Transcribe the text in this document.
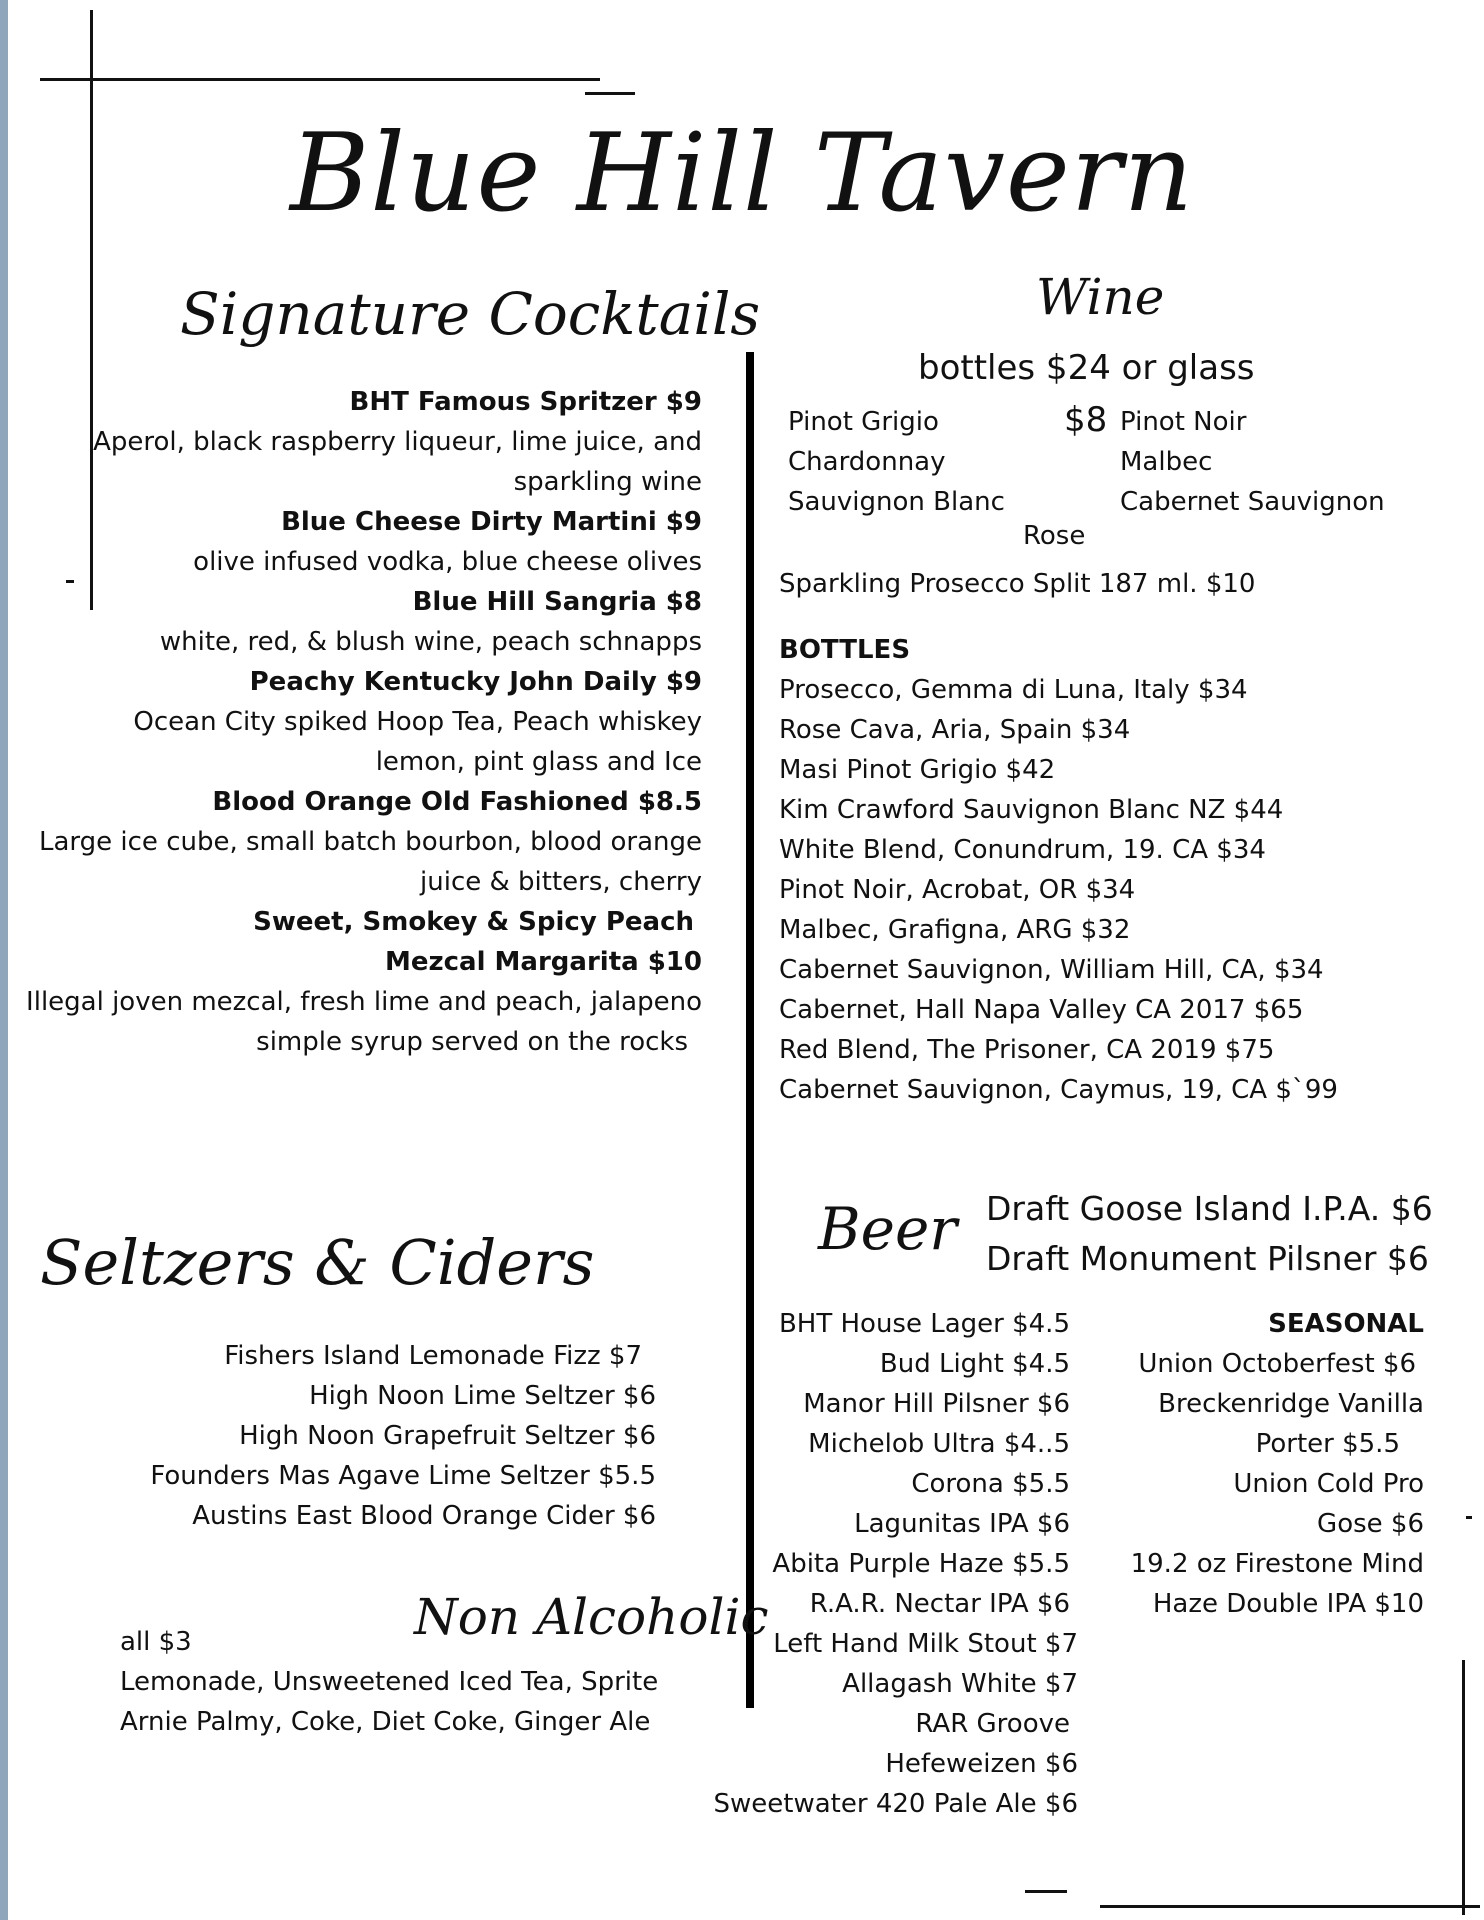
Blue Hill Tavern
Signature Cocktails
BHT Famous Spritzer $9
Aperol, black raspberry liqueur, lime juice, and
sparkling wine
Blue Cheese Dirty Martini $9
olive infused vodka, blue cheese olives
Blue Hill Sangria $8
white, red, & blush wine, peach schnapps
Peachy Kentucky John Daily $9
Ocean City spiked Hoop Tea, Peach whiskey
lemon, pint glass and Ice
Blood Orange Old Fashioned $8.5
Large ice cube, small batch bourbon, blood orange
juice & bitters, cherry
Sweet, Smokey & Spicy Peach
Mezcal Margarita $10
Illegal joven mezcal, fresh lime and peach, jalapeno
simple syrup served on the rocks
Wine
bottles $24 or glass
Pinot Grigio
Chardonnay
Sauvignon Blanc
$8 Pinot Noir
Malbec
Cabernet Sauvignon
Rose
Sparkling Prosecco Split 187 ml. $10
BOTTLES
Prosecco, Gemma di Luna, Italy $34
Rose Cava, Aria, Spain $34
Masi Pinot Grigio $42
Kim Crawford Sauvignon Blanc NZ $44
White Blend, Conundrum, 19. CA $34
Pinot Noir, Acrobat, OR $34
Malbec, Grafigna, ARG $32
Cabernet Sauvignon, William Hill, CA, $34
Cabernet, Hall Napa Valley CA 2017 $65
Red Blend, The Prisoner, CA 2019 $75
Cabernet Sauvignon, Caymus, 19, CA $`99
Seltzers & Ciders
Fishers Island Lemonade Fizz $7
High Noon Lime Seltzer $6
High Noon Grapefruit Seltzer $6
Founders Mas Agave Lime Seltzer $5.5
Austins East Blood Orange Cider $6
Non Alcoholic
all $3
Lemonade, Unsweetened Iced Tea, Sprite
Arnie Palmy, Coke, Diet Coke, Ginger Ale
Beer Draft Goose Island I.P.A. $6
Draft Monument Pilsner $6
BHT House Lager $4.5
Bud Light $4.5
Manor Hill Pilsner $6
Michelob Ultra $4..5
Corona $5.5
Lagunitas IPA $6
Abita Purple Haze $5.5
R.A.R. Nectar IPA $6
Left Hand Milk Stout $7
Allagash White $7
RAR Groove
Hefeweizen $6
Sweetwater 420 Pale Ale $6
SEASONAL
Union Octoberfest $6
Breckenridge Vanilla
Porter $5.5
Union Cold Pro
Gose $6
19.2 oz Firestone Mind
Haze Double IPA $10
